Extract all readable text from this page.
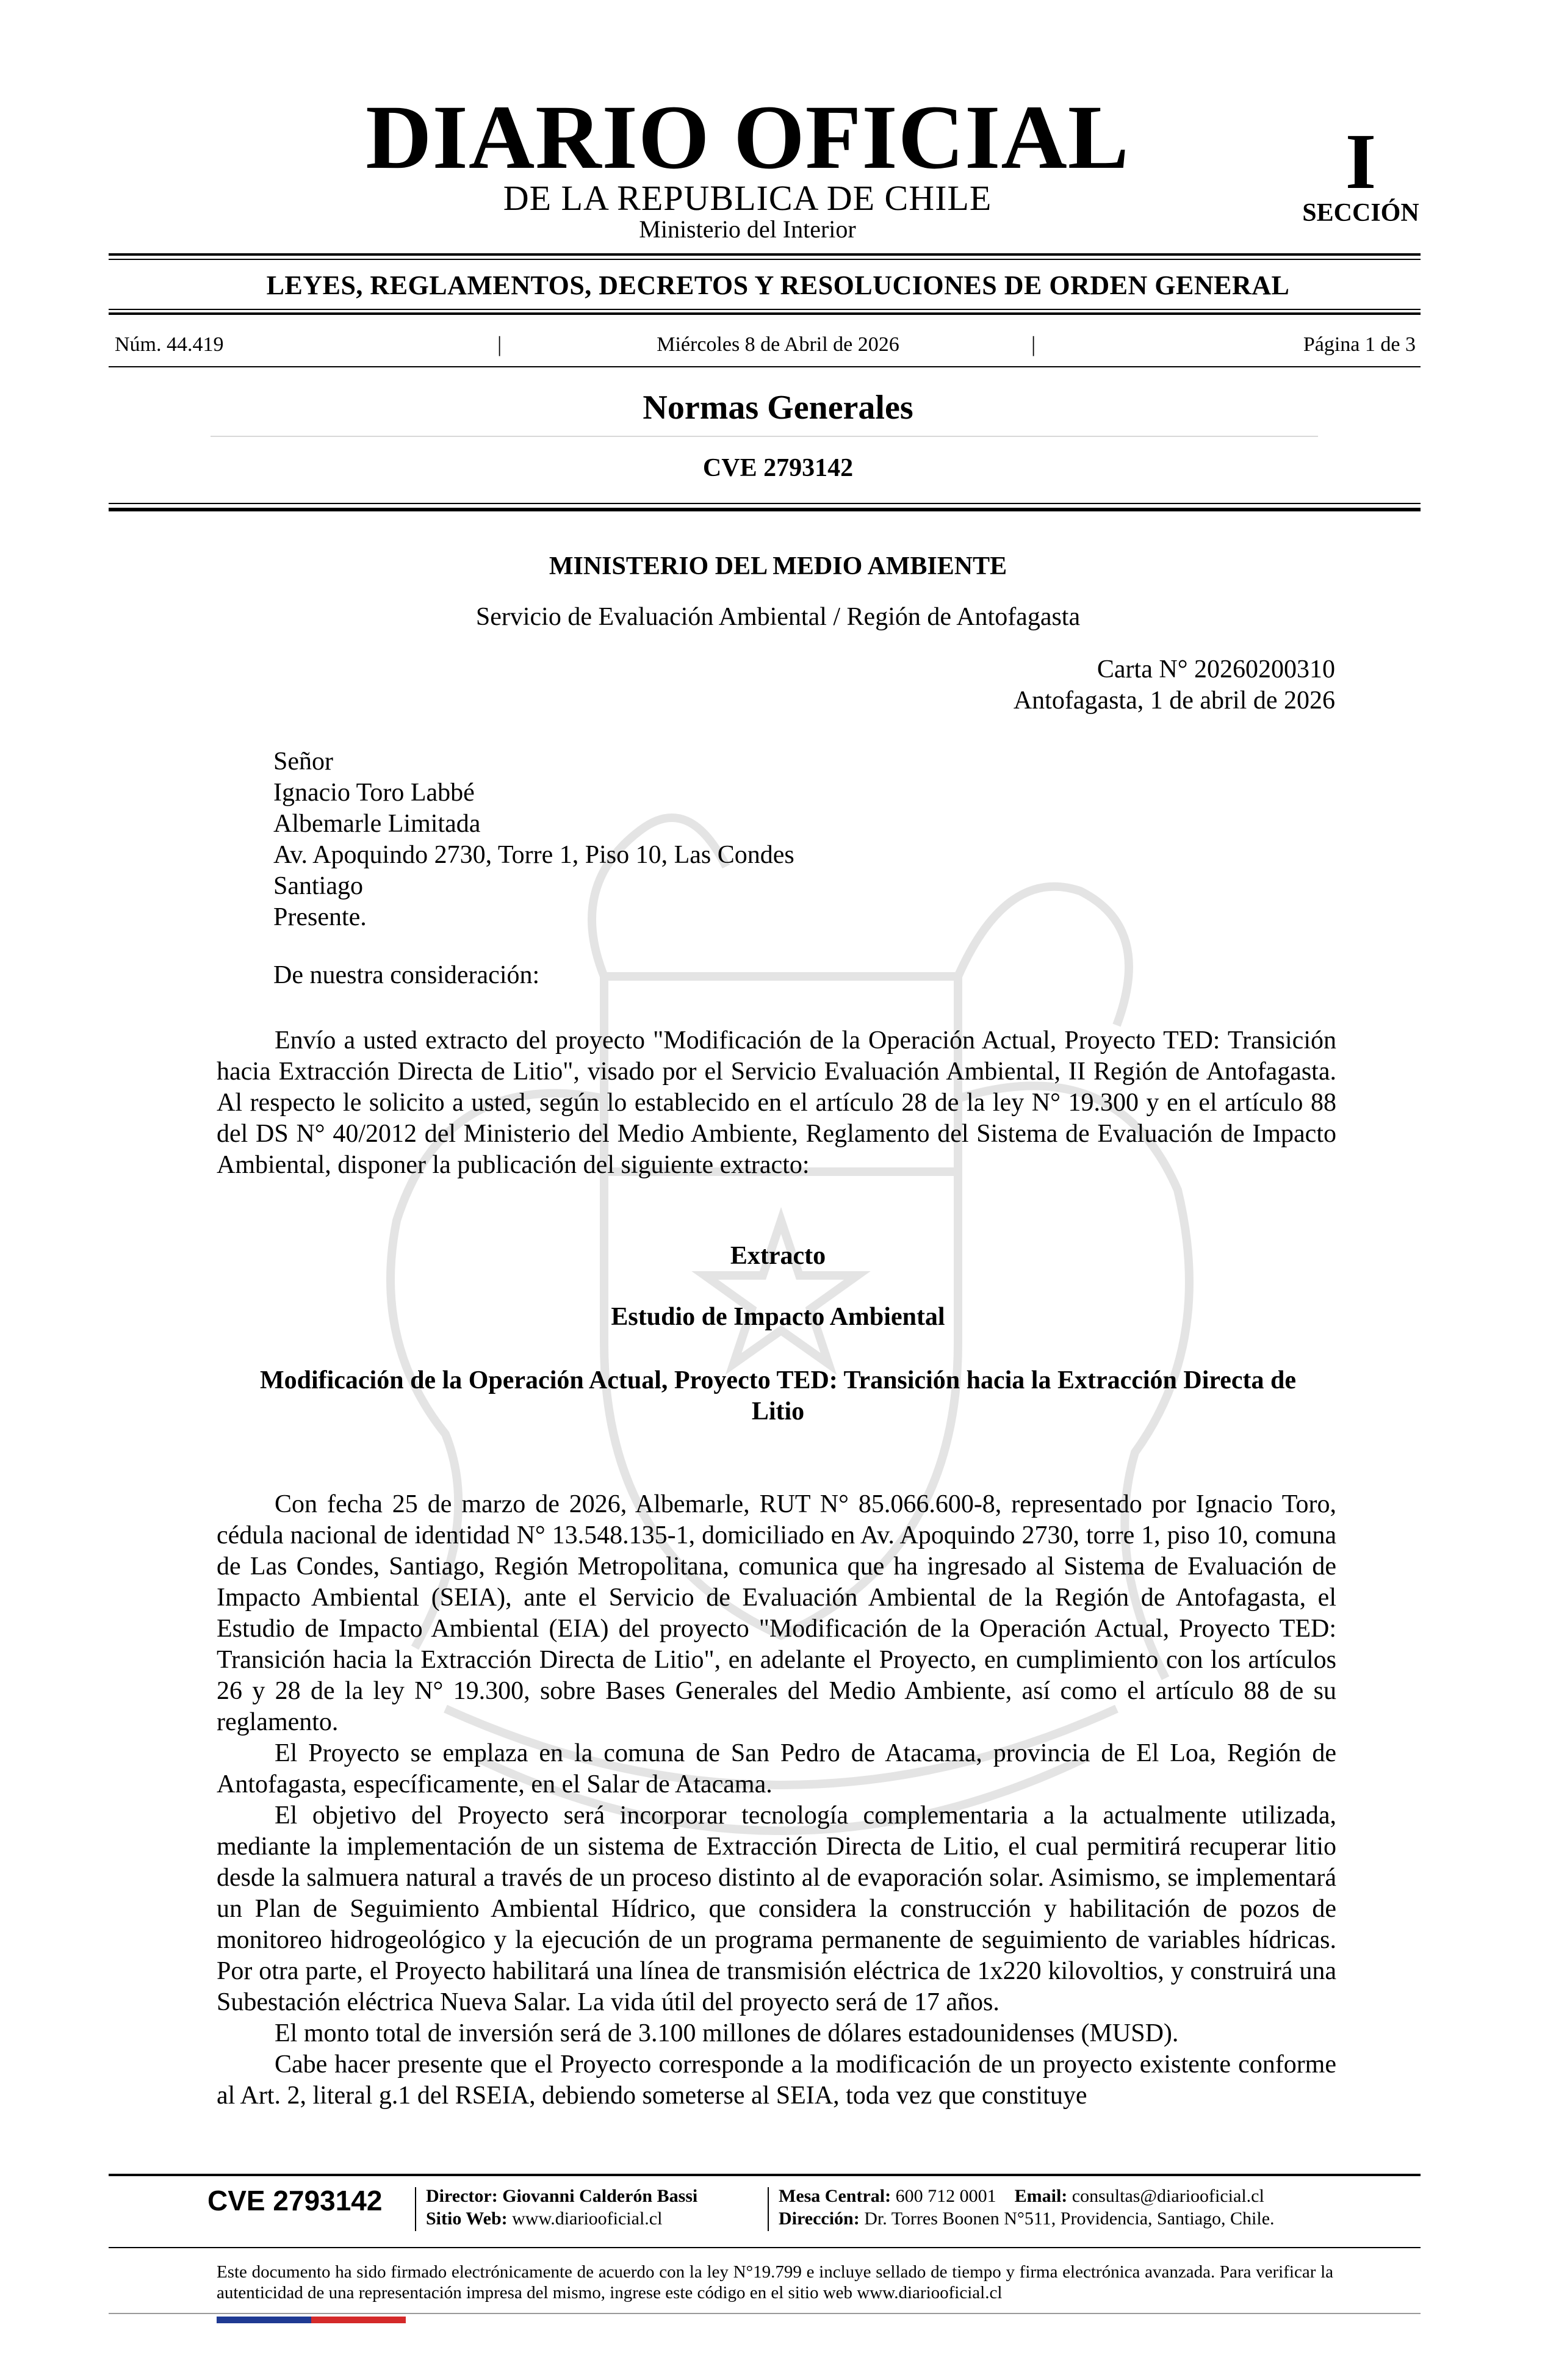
DIARIO OFICIAL
DE LA REPUBLICA DE CHILE
Ministerio del Interior
I
SECCIÓN
LEYES, REGLAMENTOS, DECRETOS Y RESOLUCIONES DE ORDEN GENERAL
Núm. 44.419	|	Miércoles 8 de Abril de 2026	|	Página 1 de 3
Normas Generales
CVE 2793142
MINISTERIO DEL MEDIO AMBIENTE
Servicio de Evaluación Ambiental / Región de Antofagasta
Carta N° 20260200310
Antofagasta, 1 de abril de 2026
Señor
Ignacio Toro Labbé
Albemarle Limitada
Av. Apoquindo 2730, Torre 1, Piso 10, Las Condes
Santiago
Presente.
De nuestra consideración:
Envío a usted extracto del proyecto "Modificación de la Operación Actual, Proyecto TED: Transición hacia Extracción Directa de Litio", visado por el Servicio Evaluación Ambiental, II Región de Antofagasta. Al respecto le solicito a usted, según lo establecido en el artículo 28 de la ley N° 19.300 y en el artículo 88 del DS N° 40/2012 del Ministerio del Medio Ambiente, Reglamento del Sistema de Evaluación de Impacto Ambiental, disponer la publicación del siguiente extracto:
Extracto
Estudio de Impacto Ambiental
Modificación de la Operación Actual, Proyecto TED: Transición hacia la Extracción Directa de Litio

Con fecha 25 de marzo de 2026, Albemarle, RUT N° 85.066.600-8, representado por Ignacio Toro, cédula nacional de identidad N° 13.548.135-1, domiciliado en Av. Apoquindo 2730, torre 1, piso 10, comuna de Las Condes, Santiago, Región Metropolitana, comunica que ha ingresado al Sistema de Evaluación de Impacto Ambiental (SEIA), ante el Servicio de Evaluación Ambiental de la Región de Antofagasta, el Estudio de Impacto Ambiental (EIA) del proyecto "Modificación de la Operación Actual, Proyecto TED: Transición hacia la Extracción Directa de Litio", en adelante el Proyecto, en cumplimiento con los artículos 26 y 28 de la ley N° 19.300, sobre Bases Generales del Medio Ambiente, así como el artículo 88 de su reglamento.

El Proyecto se emplaza en la comuna de San Pedro de Atacama, provincia de El Loa, Región de Antofagasta, específicamente, en el Salar de Atacama.

El objetivo del Proyecto será incorporar tecnología complementaria a la actualmente utilizada, mediante la implementación de un sistema de Extracción Directa de Litio, el cual permitirá recuperar litio desde la salmuera natural a través de un proceso distinto al de evaporación solar. Asimismo, se implementará un Plan de Seguimiento Ambiental Hídrico, que considera la construcción y habilitación de pozos de monitoreo hidrogeológico y la ejecución de un programa permanente de seguimiento de variables hídricas. Por otra parte, el Proyecto habilitará una línea de transmisión eléctrica de 1x220 kilovoltios, y construirá una Subestación eléctrica Nueva Salar. La vida útil del proyecto será de 17 años.

El monto total de inversión será de 3.100 millones de dólares estadounidenses (MUSD).

Cabe hacer presente que el Proyecto corresponde a la modificación de un proyecto existente conforme al Art. 2, literal g.1 del RSEIA, debiendo someterse al SEIA, toda vez que constituye

CVE 2793142 Director: Giovanni Calderón Bassi
Sitio Web: www.diariooficial.cl
Mesa Central: 600 712 0001 Email: consultas@diariooficial.cl
Dirección: Dr. Torres Boonen N°511, Providencia, Santiago, Chile.
Este documento ha sido firmado electrónicamente de acuerdo con la ley N°19.799 e incluye sellado de tiempo y firma electrónica avanzada. Para verificar la autenticidad de una representación impresa del mismo, ingrese este código en el sitio web www.diariooficial.cl
